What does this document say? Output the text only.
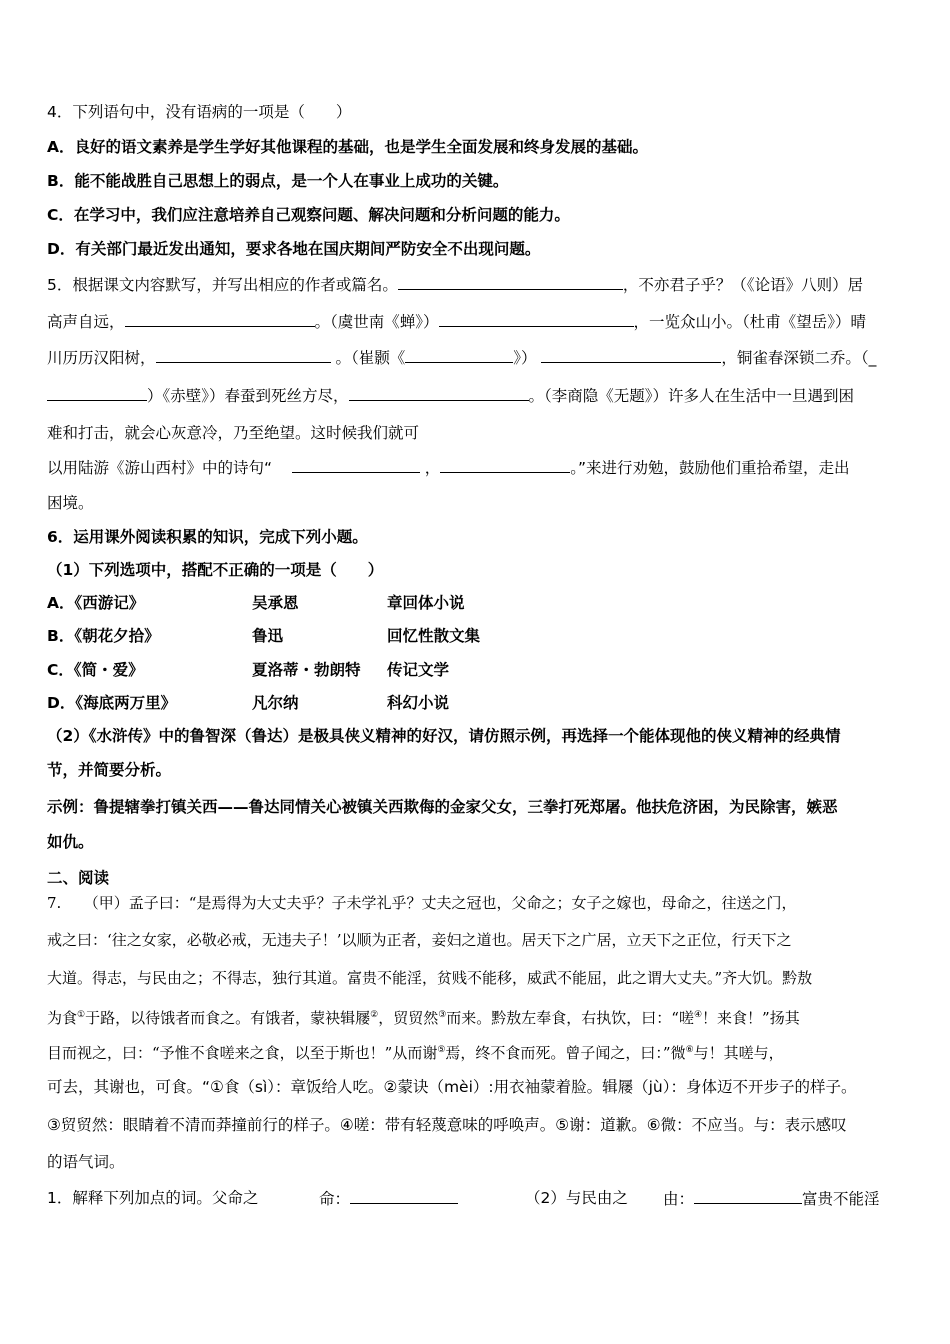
4．下列语句中，没有语病的一项是（　　）
A．良好的语文素养是学生学好其他课程的基础，也是学生全面发展和终身发展的基础。
B．能不能战胜自己思想上的弱点，是一个人在事业上成功的关键。
C．在学习中，我们应注意培养自己观察问题、解决问题和分析问题的能力。
D．有关部门最近发出通知，要求各地在国庆期间严防安全不出现问题。
5．根据课文内容默写，并写出相应的作者或篇名。	，不亦君子乎？（《论语》八则）居
高声自远，	。（虞世南《蝉》）	，一览众山小。（杜甫《望岳》）晴
川历历汉阳树，	。（崔颢《	》）	，铜雀春深锁二乔。（_
）《赤壁》）春蚕到死丝方尽，	。（李商隐《无题》）许多人在生活中一旦遇到困
难和打击，就会心灰意冷，乃至绝望。这时候我们就可
以用陆游《游山西村》中的诗句“	，	。”来进行劝勉，鼓励他们重拾希望，走出
困境。
6．运用课外阅读积累的知识，完成下列小题。
（1）下列选项中，搭配不正确的一项是（　　）
A．《西游记》	吴承恩	章回体小说
B．《朝花夕拾》	鲁迅	回忆性散文集
C．《简・爱》	夏洛蒂・勃朗特 传记文学
D．《海底两万里》	凡尔纳	科幻小说
（2）《水浒传》中的鲁智深（鲁达）是极具侠义精神的好汉，请仿照示例，再选择一个能体现他的侠义精神的经典情
节，并简要分析。
示例：鲁提辖拳打镇关西——鲁达同情关心被镇关西欺侮的金家父女，三拳打死郑屠。他扶危济困，为民除害，嫉恶
如仇。
二、阅读
7.　　（甲）孟子曰：“是焉得为大丈夫乎？子未学礼乎？丈夫之冠也，父命之；女子之嫁也，母命之，往送之门，
戒之曰：‘往之女家，必敬必戒，无违夫子！’以顺为正者，妾妇之道也。居天下之广居，立天下之正位，行天下之
大道。得志，与民由之；不得志，独行其道。富贵不能淫，贫贱不能移，威武不能屈，此之谓大丈夫。”齐大饥。黔敖
为食①于路，以待饿者而食之。有饿者，蒙袂辑屦②，贸贸然③而来。黔敖左奉食，右执饮，曰：“嗟④！来食！”扬其
目而视之，曰：“予惟不食嗟来之食，以至于斯也！”从而谢⑤焉，终不食而死。曾子闻之，曰：”微⑥与！其嗟与，
可去，其谢也，可食。“①食（sì）：章饭给人吃。②蒙诀（mèi）:用衣袖蒙着脸。辑屦（jù）：身体迈不开步子的样子。
③贸贸然：眼睛着不清而莽撞前行的样子。④嗟：带有轻蔑意味的呼唤声。⑤谢：道歉。⑥微：不应当。与：表示感叹
的语气词。
1．解释下列加点的词。父命之	命：	（2）与民由之 由：	富贵不能淫
